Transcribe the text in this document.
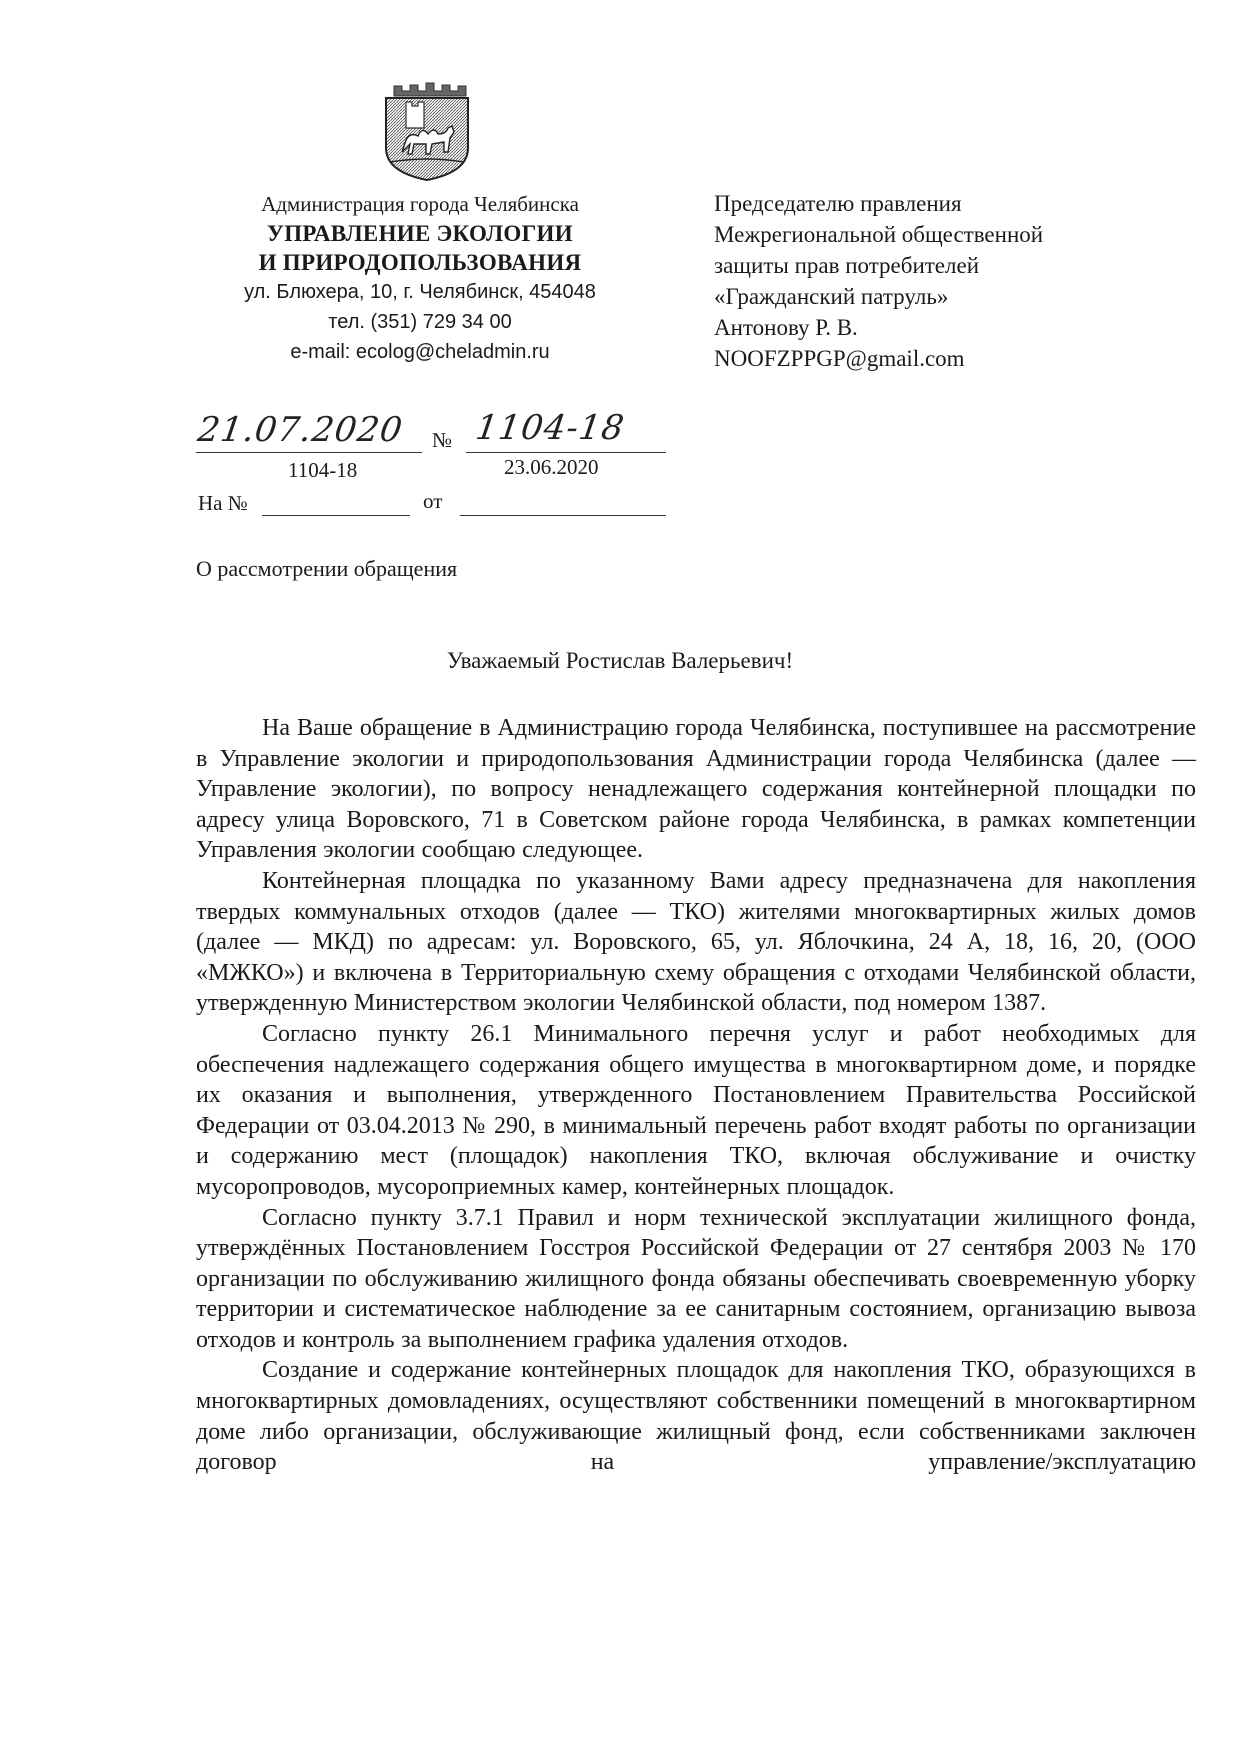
Администрация города Челябинска
УПРАВЛЕНИЕ ЭКОЛОГИИ
И ПРИРОДОПОЛЬЗОВАНИЯ
ул. Блюхера, 10, г. Челябинск, 454048
тел. (351) 729 34 00
e-mail: ecolog@cheladmin.ru
Председателю правления
Межрегиональной общественной
защиты прав потребителей
«Гражданский патруль»
Антонову Р. В.
NOOFZPPGP@gmail.com
21.07.2020 № 1104-18
1104-18	23.06.2020
На №	от
О рассмотрении обращения
Уважаемый Ростислав Валерьевич!

На Ваше обращение в Администрацию города Челябинска, поступившее на рассмотрение в Управление экологии и природопользования Администрации города Челябинска (далее — Управление экологии), по вопросу ненадлежащего содержания контейнерной площадки по адресу улица Воровского, 71 в Советском районе города Челябинска, в рамках компетенции Управления экологии сообщаю следующее.

Контейнерная площадка по указанному Вами адресу предназначена для накопления твердых коммунальных отходов (далее — ТКО) жителями многоквартирных жилых домов (далее — МКД) по адресам: ул. Воровского, 65, ул. Яблочкина, 24 А, 18, 16, 20, (ООО «МЖКО») и включена в Территориальную схему обращения с отходами Челябинской области, утвержденную Министерством экологии Челябинской области, под номером 1387.

Согласно пункту 26.1 Минимального перечня услуг и работ необходимых для обеспечения надлежащего содержания общего имущества в многоквартирном доме, и порядке их оказания и выполнения, утвержденного Постановлением Правительства Российской Федерации от 03.04.2013 № 290, в минимальный перечень работ входят работы по организации и содержанию мест (площадок) накопления ТКО, включая обслуживание и очистку мусоропроводов, мусороприемных камер, контейнерных площадок.

Согласно пункту 3.7.1 Правил и норм технической эксплуатации жилищного фонда, утверждённых Постановлением Госстроя Российской Федерации от 27 сентября 2003 № 170 организации по обслуживанию жилищного фонда обязаны обеспечивать своевременную уборку территории и систематическое наблюдение за ее санитарным состоянием, организацию вывоза отходов и контроль за выполнением графика удаления отходов.

Создание и содержание контейнерных площадок для накопления ТКО, образующихся в многоквартирных домовладениях, осуществляют собственники помещений в многоквартирном доме либо организации, обслуживающие жилищный фонд, если собственниками заключен договор на управление/эксплуатацию
